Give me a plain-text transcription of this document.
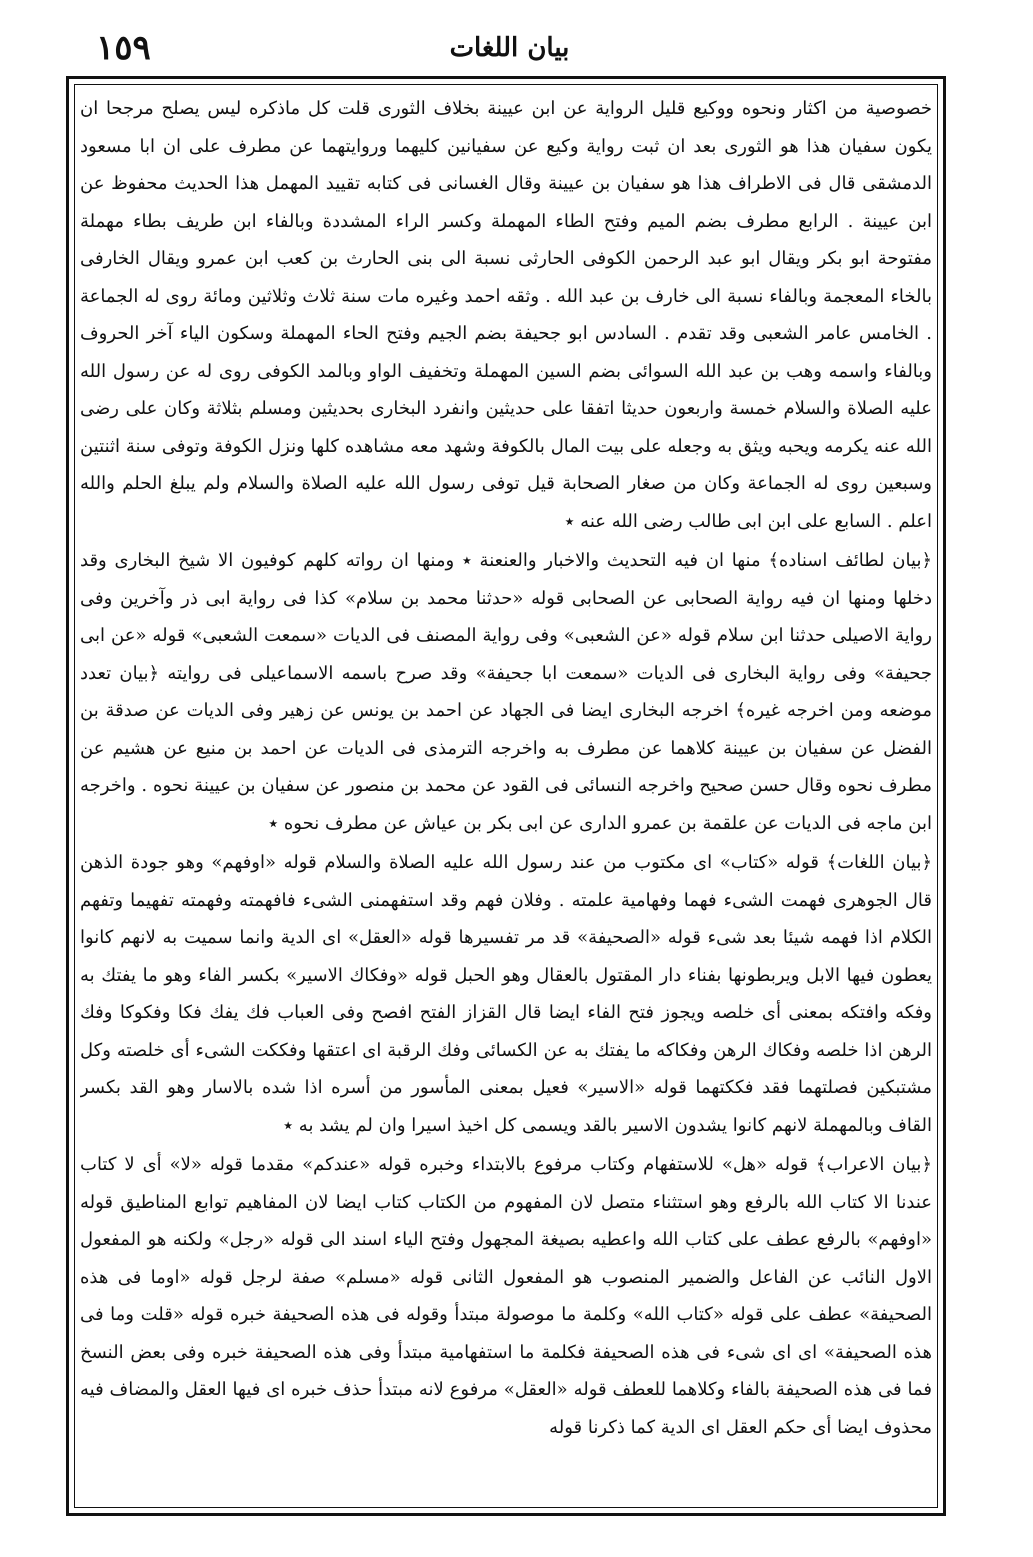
١٥٩	بيان اللغات

خصوصية من اكثار ونحوه ووكيع قليل الرواية عن ابن عيينة بخلاف الثورى قلت كل ماذكره ليس يصلح مرجحا ان يكون سفيان هذا هو الثورى بعد ان ثبت رواية وكيع عن سفيانين كليهما وروايتهما عن مطرف على ان ابا مسعود الدمشقى قال فى الاطراف هذا هو سفيان بن عيينة وقال الغسانى فى كتابه تقييد المهمل هذا الحديث محفوظ عن ابن عيينة . الرابع مطرف بضم الميم وفتح الطاء المهملة وكسر الراء المشددة وبالفاء ابن طريف بطاء مهملة مفتوحة ابو بكر ويقال ابو عبد الرحمن الكوفى الحارثى نسبة الى بنى الحارث بن كعب ابن عمرو ويقال الخارفى بالخاء المعجمة وبالفاء نسبة الى خارف بن عبد الله . وثقه احمد وغيره مات سنة ثلاث وثلاثين ومائة روى له الجماعة . الخامس عامر الشعبى وقد تقدم . السادس ابو جحيفة بضم الجيم وفتح الحاء المهملة وسكون الياء آخر الحروف وبالفاء واسمه وهب بن عبد الله السوائى بضم السين المهملة وتخفيف الواو وبالمد الكوفى روى له عن رسول الله عليه الصلاة والسلام خمسة واربعون حديثا اتفقا على حديثين وانفرد البخارى بحديثين ومسلم بثلاثة وكان على رضى الله عنه يكرمه ويحبه ويثق به وجعله على بيت المال بالكوفة وشهد معه مشاهده كلها ونزل الكوفة وتوفى سنة اثنتين وسبعين روى له الجماعة وكان من صغار الصحابة قيل توفى رسول الله عليه الصلاة والسلام ولم يبلغ الحلم والله اعلم . السابع على ابن ابى طالب رضى الله عنه ٭

﴿بيان لطائف اسناده﴾ منها ان فيه التحديث والاخبار والعنعنة ٭ ومنها ان رواته كلهم كوفيون الا شيخ البخارى وقد دخلها ومنها ان فيه رواية الصحابى عن الصحابى قوله «حدثنا محمد بن سلام» كذا فى رواية ابى ذر وآخرين وفى رواية الاصيلى حدثنا ابن سلام قوله «عن الشعبى» وفى رواية المصنف فى الديات «سمعت الشعبى» قوله «عن ابى جحيفة» وفى رواية البخارى فى الديات «سمعت ابا جحيفة» وقد صرح باسمه الاسماعيلى فى روايته ﴿بيان تعدد موضعه ومن اخرجه غيره﴾ اخرجه البخارى ايضا فى الجهاد عن احمد بن يونس عن زهير وفى الديات عن صدقة بن الفضل عن سفيان بن عيينة كلاهما عن مطرف به واخرجه الترمذى فى الديات عن احمد بن منيع عن هشيم عن مطرف نحوه وقال حسن صحيح واخرجه النسائى فى القود عن محمد بن منصور عن سفيان بن عيينة نحوه . واخرجه ابن ماجه فى الديات عن علقمة بن عمرو الدارى عن ابى بكر بن عياش عن مطرف نحوه ٭

﴿بيان اللغات﴾ قوله «كتاب» اى مكتوب من عند رسول الله عليه الصلاة والسلام قوله «اوفهم» وهو جودة الذهن قال الجوهرى فهمت الشىء فهما وفهامية علمته . وفلان فهم وقد استفهمنى الشىء فافهمته وفهمته تفهيما وتفهم الكلام اذا فهمه شيئا بعد شىء قوله «الصحيفة» قد مر تفسيرها قوله «العقل» اى الدية وانما سميت به لانهم كانوا يعطون فيها الابل ويربطونها بفناء دار المقتول بالعقال وهو الحبل قوله «وفكاك الاسير» بكسر الفاء وهو ما يفتك به وفكه وافتكه بمعنى أى خلصه ويجوز فتح الفاء ايضا قال القزاز الفتح افصح وفى العباب فك يفك فكا وفكوكا وفك الرهن اذا خلصه وفكاك الرهن وفكاكه ما يفتك به عن الكسائى وفك الرقبة اى اعتقها وفككت الشىء أى خلصته وكل مشتبكين فصلتهما فقد فككتهما قوله «الاسير» فعيل بمعنى المأسور من أسره اذا شده بالاسار وهو القد بكسر القاف وبالمهملة لانهم كانوا يشدون الاسير بالقد ويسمى كل اخيذ اسيرا وان لم يشد به ٭

﴿بيان الاعراب﴾ قوله «هل» للاستفهام وكتاب مرفوع بالابتداء وخبره قوله «عندكم» مقدما قوله «لا» أى لا كتاب عندنا الا كتاب الله بالرفع وهو استثناء متصل لان المفهوم من الكتاب كتاب ايضا لان المفاهيم توابع المناطيق قوله «اوفهم» بالرفع عطف على كتاب الله واعطيه بصيغة المجهول وفتح الياء اسند الى قوله «رجل» ولكنه هو المفعول الاول النائب عن الفاعل والضمير المنصوب هو المفعول الثانى قوله «مسلم» صفة لرجل قوله «اوما فى هذه الصحيفة» عطف على قوله «كتاب الله» وكلمة ما موصولة مبتدأ وقوله فى هذه الصحيفة خبره قوله «قلت وما فى هذه الصحيفة» اى اى شىء فى هذه الصحيفة فكلمة ما استفهامية مبتدأ وفى هذه الصحيفة خبره وفى بعض النسخ فما فى هذه الصحيفة بالفاء وكلاهما للعطف قوله «العقل» مرفوع لانه مبتدأ حذف خبره اى فيها العقل والمضاف فيه محذوف ايضا أى حكم العقل اى الدية كما ذكرنا قوله
